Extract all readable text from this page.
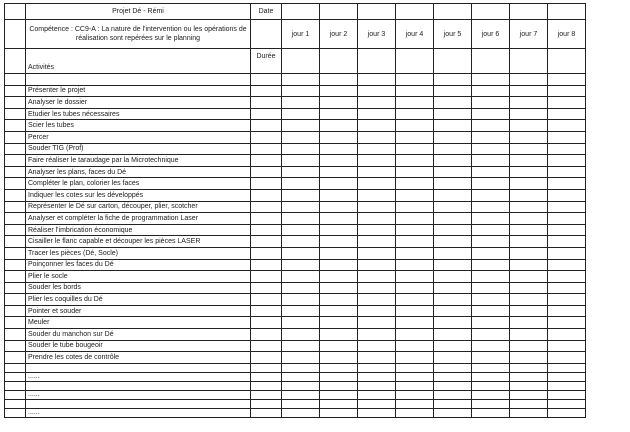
	Projet Dé - Rémi	Date								
	Compétence : CC9-A : La nature de l'intervention ou les opérations de réalisation sont repérées sur le planning		jour 1	jour 2	jour 3	jour 4	jour 5	jour 6	jour 7	jour 8
	Activités	Durée								

	Présenter le projet									
	Analyser le dossier									
	Etudier les tubes nécessaires									
	Scier les tubes									
	Percer									
	Souder TIG (Prof)									
	Faire réaliser le taraudage par la Microtechnique									
	Analyser les plans, faces du Dé									
	Compléter le plan, colorier les faces									
	Indiquer les cotes sur les développés									
	Représenter le Dé sur carton, découper, plier, scotcher									
	Analyser et compléter la fiche de programmation Laser									
	Réaliser l'imbrication économique									
	Cisailler le flanc capable et découper les pièces LASER									
	Tracer les pièces (Dé, Socle)									
	Poinçonner les faces du Dé									
	Plier le socle									
	Souder les bords									
	Plier les coquilles du Dé									
	Pointer et souder									
	Meuler									
	Souder du manchon sur Dé									
	Souder le tube bougeoir									
	Prendre les cotes de contrôle									

	......									

	......									

	......									
